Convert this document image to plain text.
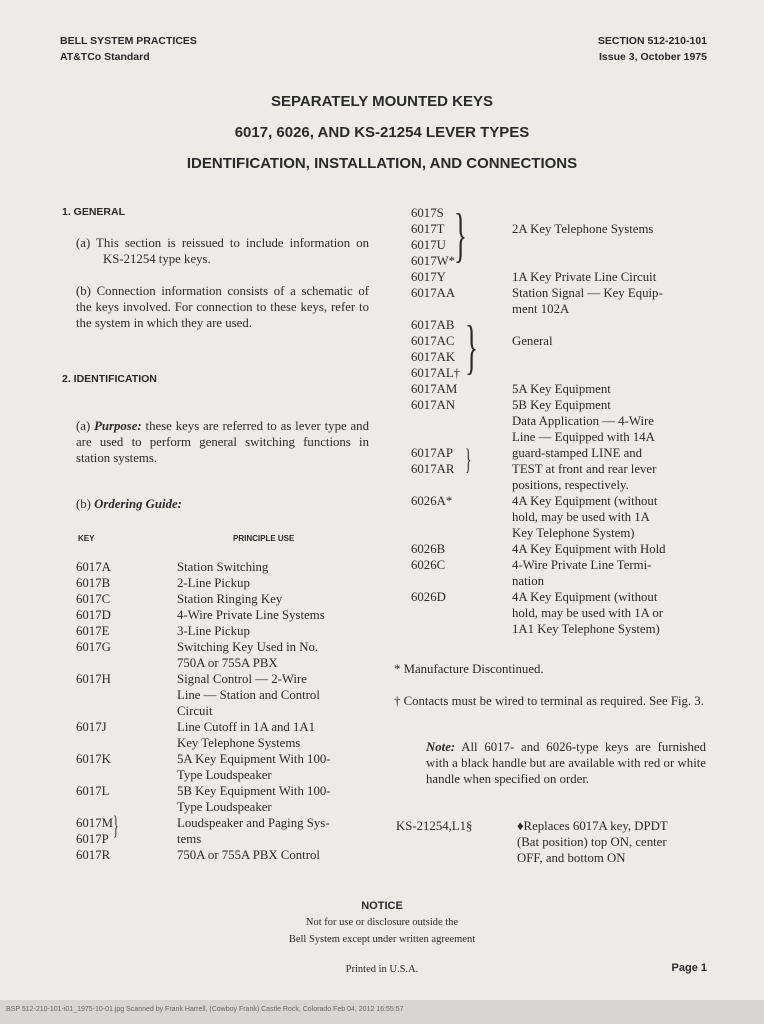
BELL SYSTEM PRACTICES
AT&TCo Standard
SECTION 512-210-101
Issue 3, October 1975
SEPARATELY MOUNTED KEYS
6017, 6026, AND KS-21254 LEVER TYPES
IDENTIFICATION, INSTALLATION, AND CONNECTIONS
1. GENERAL

(a) This section is reissued to include information on KS-21254 type keys.

(b) Connection information consists of a schematic of the keys involved. For connection to these keys, refer to the system in which they are used.

2. IDENTIFICATION

(a) Purpose: these keys are referred to as lever type and are used to perform general switching functions in station systems.

(b) Ordering Guide:
KEY	PRINCIPLE USE
6017A	Station Switching
6017B	2-Line Pickup
6017C	Station Ringing Key
6017D	4-Wire Private Line Systems
6017E	3-Line Pickup
6017G	Switching Key Used in No.
750A or 755A PBX
6017H	Signal Control — 2-Wire
Line — Station and Control
Circuit
6017J	Line Cutoff in 1A and 1A1
Key Telephone Systems
6017K	5A Key Equipment With 100-
Type Loudspeaker
6017L	5B Key Equipment With 100-
Type Loudspeaker
6017M	Loudspeaker and Paging Sys-
6017P	tems
6017R	750A or 755A PBX Control
}
6017S
6017T	2A Key Telephone Systems
6017U
6017W*
6017Y	1A Key Private Line Circuit
6017AA	Station Signal — Key Equip-
ment 102A
6017AB
6017AC	General
6017AK
6017AL†
6017AM	5A Key Equipment
6017AN	5B Key Equipment
Data Application — 4-Wire
Line — Equipped with 14A
6017AP	guard-stamped LINE and
6017AR	TEST at front and rear lever
positions, respectively.
6026A*	4A Key Equipment (without
hold, may be used with 1A
Key Telephone System)
6026B	4A Key Equipment with Hold
6026C	4-Wire Private Line Termi-
nation
6026D	4A Key Equipment (without
hold, may be used with 1A or
1A1 Key Telephone System)
}
}
}

* Manufacture Discontinued.

† Contacts must be wired to terminal as required. See Fig. 3.

Note: All 6017- and 6026-type keys are furnished with a black handle but are available with red or white handle when specified on order.

KS-21254,L1§	♦Replaces 6017A key, DPDT
(Bat position) top ON, center
OFF, and bottom ON
NOTICE
Not for use or disclosure outside the
Bell System except under written agreement
Printed in U.S.A.	Page 1
BSP 512-210-101-i01_1975-10-01.jpg Scanned by Frank Harrell, (Cowboy Frank) Castle Rock, Colorado Feb 04, 2012 16:55:57
